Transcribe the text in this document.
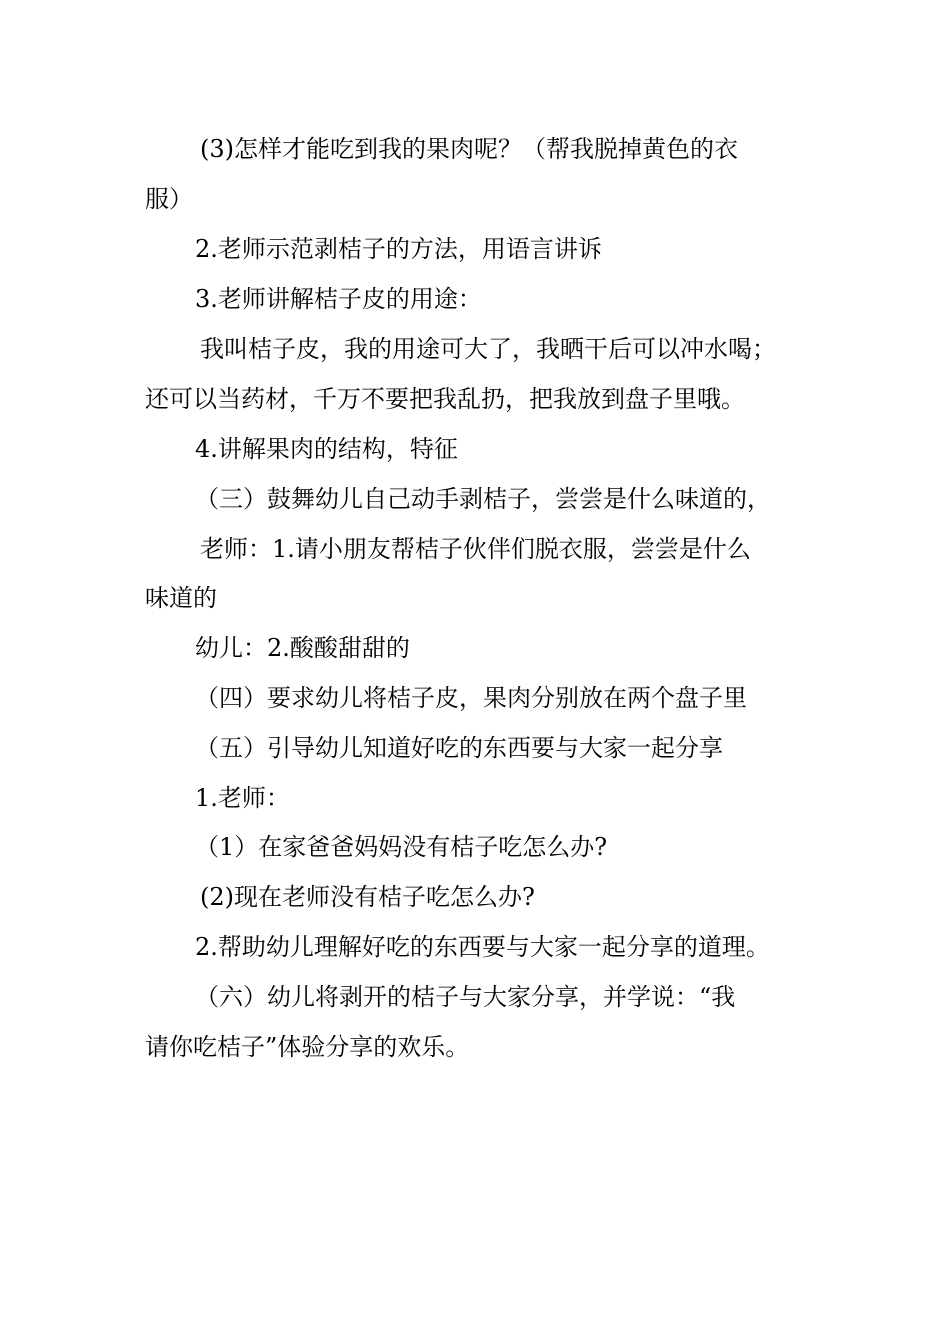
(3)怎样才能吃到我的果肉呢？（帮我脱掉黄色的衣
服）
2.老师示范剥桔子的方法，用语言讲诉
3.老师讲解桔子皮的用途：
我叫桔子皮，我的用途可大了，我晒干后可以冲水喝；
还可以当药材，千万不要把我乱扔，把我放到盘子里哦。
4.讲解果肉的结构，特征
（三）鼓舞幼儿自己动手剥桔子，尝尝是什么味道的，
老师：1.请小朋友帮桔子伙伴们脱衣服，尝尝是什么
味道的
幼儿：2.酸酸甜甜的
（四）要求幼儿将桔子皮，果肉分别放在两个盘子里
（五）引导幼儿知道好吃的东西要与大家一起分享
1.老师：
（1）在家爸爸妈妈没有桔子吃怎么办?
(2)现在老师没有桔子吃怎么办?
2.帮助幼儿理解好吃的东西要与大家一起分享的道理。
（六）幼儿将剥开的桔子与大家分享，并学说：“我
请你吃桔子”体验分享的欢乐。
